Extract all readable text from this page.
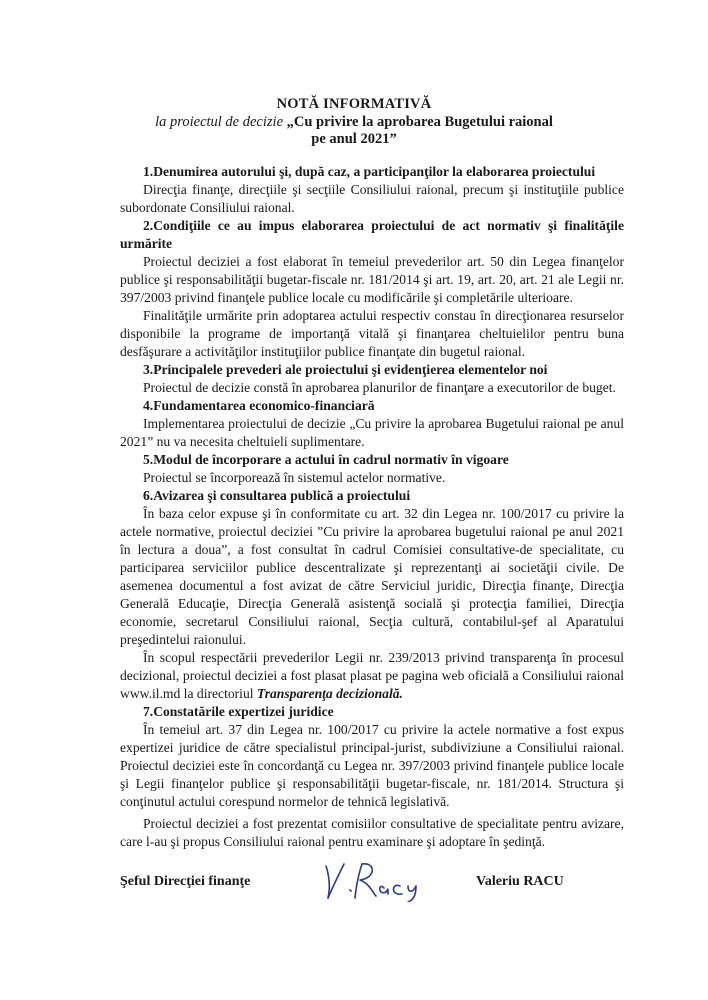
NOTĂ INFORMATIVĂ
la proiectul de decizie „Cu privire la aprobarea Bugetului raional pe anul 2021”

1.Denumirea autorului şi, după caz, a participanţilor la elaborarea proiectului

Direcţia finanţe, direcţiile şi secţiile Consiliului raional, precum şi instituţiile publice subordonate Consiliului raional.

2.Condiţiile ce au impus elaborarea proiectului de act normativ şi finalităţile urmărite

Proiectul deciziei a fost elaborat în temeiul prevederilor art. 50 din Legea finanţelor publice şi responsabilităţii bugetar-fiscale nr. 181/2014 şi art. 19, art. 20, art. 21 ale Legii nr. 397/2003 privind finanţele publice locale cu modificările şi completările ulterioare.

Finalităţile urmărite prin adoptarea actului respectiv constau în direcţionarea resurselor disponibile la programe de importanţă vitală şi finanţarea cheltuielilor pentru buna desfăşurare a activităţilor instituţiilor publice finanţate din bugetul raional.

3.Principalele prevederi ale proiectului şi evidenţierea elementelor noi

Proiectul de decizie constă în aprobarea planurilor de finanţare a executorilor de buget.

4.Fundamentarea economico-financiară

Implementarea proiectului de decizie „Cu privire la aprobarea Bugetului raional pe anul 2021” nu va necesita cheltuieli suplimentare.

5.Modul de încorporare a actului în cadrul normativ în vigoare

Proiectul se încorporează în sistemul actelor normative.

6.Avizarea şi consultarea publică a proiectului

În baza celor expuse şi în conformitate cu art. 32 din Legea nr. 100/2017 cu privire la actele normative, proiectul deciziei ”Cu privire la aprobarea bugetului raional pe anul 2021 în lectura a doua”, a fost consultat în cadrul Comisiei consultative-de specialitate, cu participarea serviciilor publice descentralizate şi reprezentanţi ai societăţii civile. De asemenea documentul a fost avizat de către Serviciul juridic, Direcţia finanţe, Direcţia Generală Educaţie, Direcţia Generală asistenţă socială şi protecţia familiei, Direcţia economie, secretarul Consiliului raional, Secţia cultură, contabilul-şef al Aparatului preşedintelui raionului.

În scopul respectării prevederilor Legii nr. 239/2013 privind transparenţa în procesul decizional, proiectul deciziei a fost plasat plasat pe pagina web oficială a Consiliului raional www.il.md la directoriul Transparenţa decizională.

7.Constatările expertizei juridice

În temeiul art. 37 din Legea nr. 100/2017 cu privire la actele normative a fost expus expertizei juridice de către specialistul principal-jurist, subdiviziune a Consiliului raional. Proiectul deciziei este în concordanţă cu Legea nr. 397/2003 privind finanţele publice locale şi Legii finanţelor publice şi responsabilităţii bugetar-fiscale, nr. 181/2014. Structura şi conţinutul actului corespund normelor de tehnică legislativă.

Proiectul deciziei a fost prezentat comisiilor consultative de specialitate pentru avizare, care l-au şi propus Consiliului raional pentru examinare şi adoptare în şedinţă.

Şeful Direcţiei finanţe	Valeriu RACU
